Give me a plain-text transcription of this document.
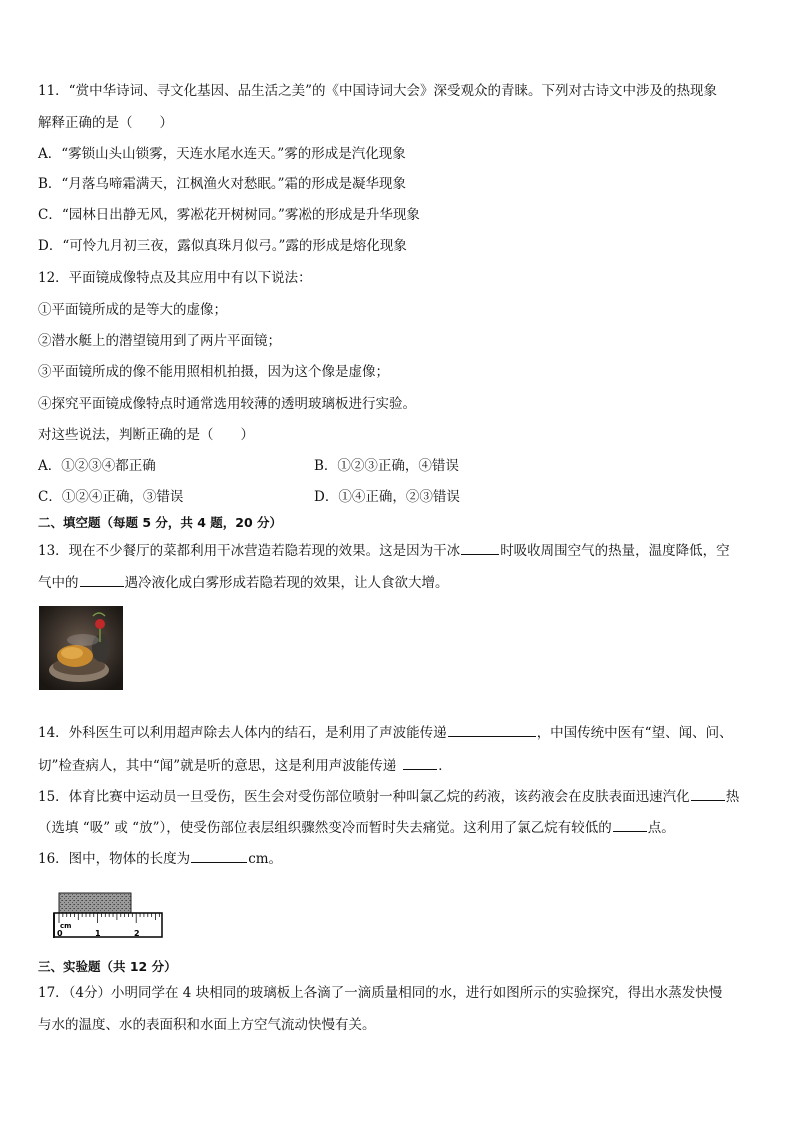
11．“赏中华诗词、寻文化基因、品生活之美”的《中国诗词大会》深受观众的青睐。下列对古诗文中涉及的热现象
解释正确的是（　　）
A．“雾锁山头山锁雾，天连水尾水连天。”雾的形成是汽化现象
B．“月落乌啼霜满天，江枫渔火对愁眠。”霜的形成是凝华现象
C．“园林日出静无风，雾凇花开树树同。”雾凇的形成是升华现象
D．“可怜九月初三夜，露似真珠月似弓。”露的形成是熔化现象
12．平面镜成像特点及其应用中有以下说法：
①平面镜所成的是等大的虚像；
②潜水艇上的潜望镜用到了两片平面镜；
③平面镜所成的像不能用照相机拍摄，因为这个像是虚像；
④探究平面镜成像特点时通常选用较薄的透明玻璃板进行实验。
对这些说法，判断正确的是（　　）
A．①②③④都正确	B．①②③正确，④错误
C．①②④正确，③错误	D．①④正确，②③错误
二、填空题（每题 5 分，共 4 题，20 分）
13．现在不少餐厅的菜都利用干冰营造若隐若现的效果。这是因为干冰	时吸收周围空气的热量，温度降低，空
气中的	遇冷液化成白雾形成若隐若现的效果，让人食欲大增。
14．外科医生可以利用超声除去人体内的结石，是利用了声波能传递	，中国传统中医有“望、闻、问、
切”检查病人，其中“闻”就是听的意思，这是利用声波能传递	．
15．体育比赛中运动员一旦受伤，医生会对受伤部位喷射一种叫氯乙烷的药液，该药液会在皮肤表面迅速汽化	热
（选填 “吸” 或 “放”），使受伤部位表层组织骤然变冷而暂时失去痛觉。这利用了氯乙烷有较低的	点。
16．图中，物体的长度为	cm。
cm
0	1	2
三、实验题（共 12 分）
17．（4分）小明同学在 4 块相同的玻璃板上各滴了一滴质量相同的水，进行如图所示的实验探究，得出水蒸发快慢
与水的温度、水的表面积和水面上方空气流动快慢有关。
